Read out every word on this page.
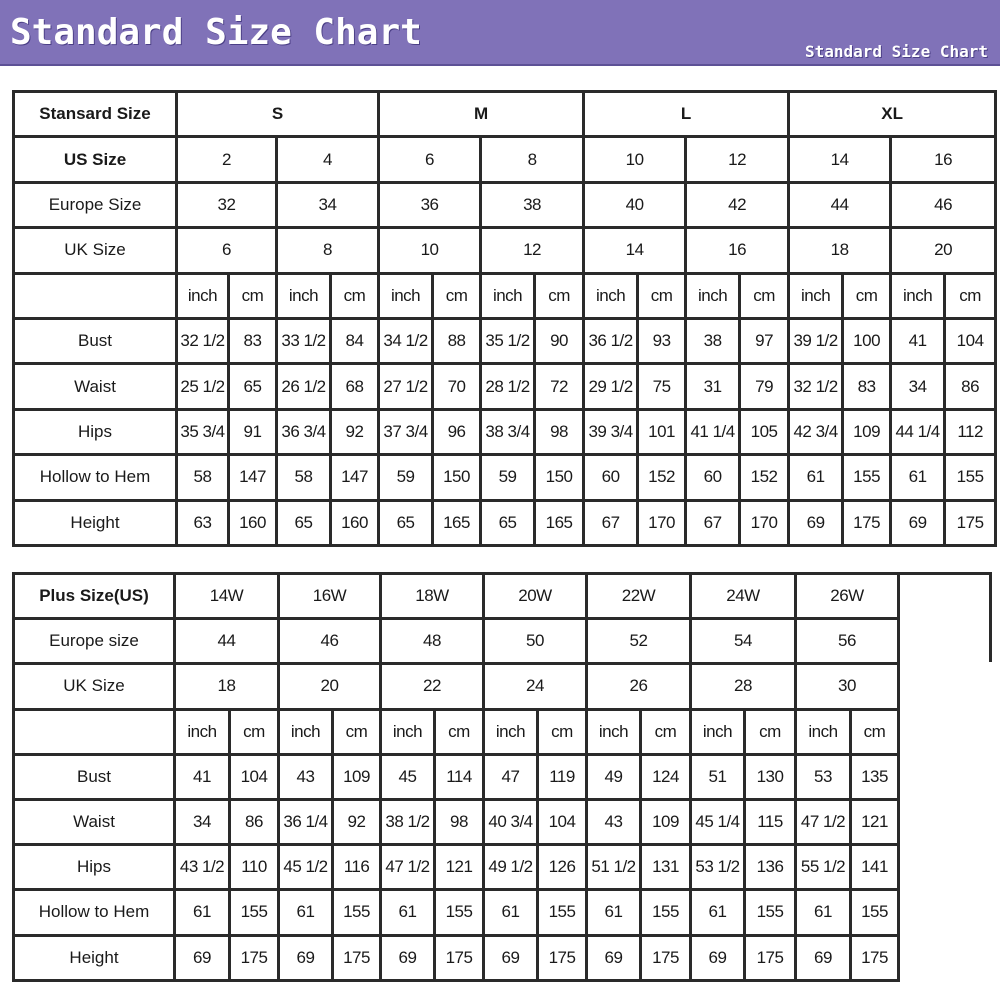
Standard Size Chart	Standard Size Chart
Stansard Size	S				M				L				XL			
US Size	2		4		6		8		10		12		14		16	
Europe Size	32		34		36		38		40		42		44		46	
UK Size	6		8		10		12		14		16		18		20	
	inch	cm	inch	cm	inch	cm	inch	cm	inch	cm	inch	cm	inch	cm	inch	cm
Bust	32 1/2	83	33 1/2	84	34 1/2	88	35 1/2	90	36 1/2	93	38	97	39 1/2	100	41	104
Waist	25 1/2	65	26 1/2	68	27 1/2	70	28 1/2	72	29 1/2	75	31	79	32 1/2	83	34	86
Hips	35 3/4	91	36 3/4	92	37 3/4	96	38 3/4	98	39 3/4	101	41 1/4	105	42 3/4	109	44 1/4	112
Hollow to Hem	58	147	58	147	59	150	59	150	60	152	60	152	61	155	61	155
Height	63	160	65	160	65	165	65	165	67	170	67	170	69	175	69	175
Plus Size(US)	14W		16W		18W		20W		22W		24W		26W	
Europe size	44		46		48		50		52		54		56	
UK Size	18		20		22		24		26		28		30	
	inch	cm	inch	cm	inch	cm	inch	cm	inch	cm	inch	cm	inch	cm
Bust	41	104	43	109	45	114	47	119	49	124	51	130	53	135
Waist	34	86	36 1/4	92	38 1/2	98	40 3/4	104	43	109	45 1/4	115	47 1/2	121
Hips	43 1/2	110	45 1/2	116	47 1/2	121	49 1/2	126	51 1/2	131	53 1/2	136	55 1/2	141
Hollow to Hem	61	155	61	155	61	155	61	155	61	155	61	155	61	155
Height	69	175	69	175	69	175	69	175	69	175	69	175	69	175
